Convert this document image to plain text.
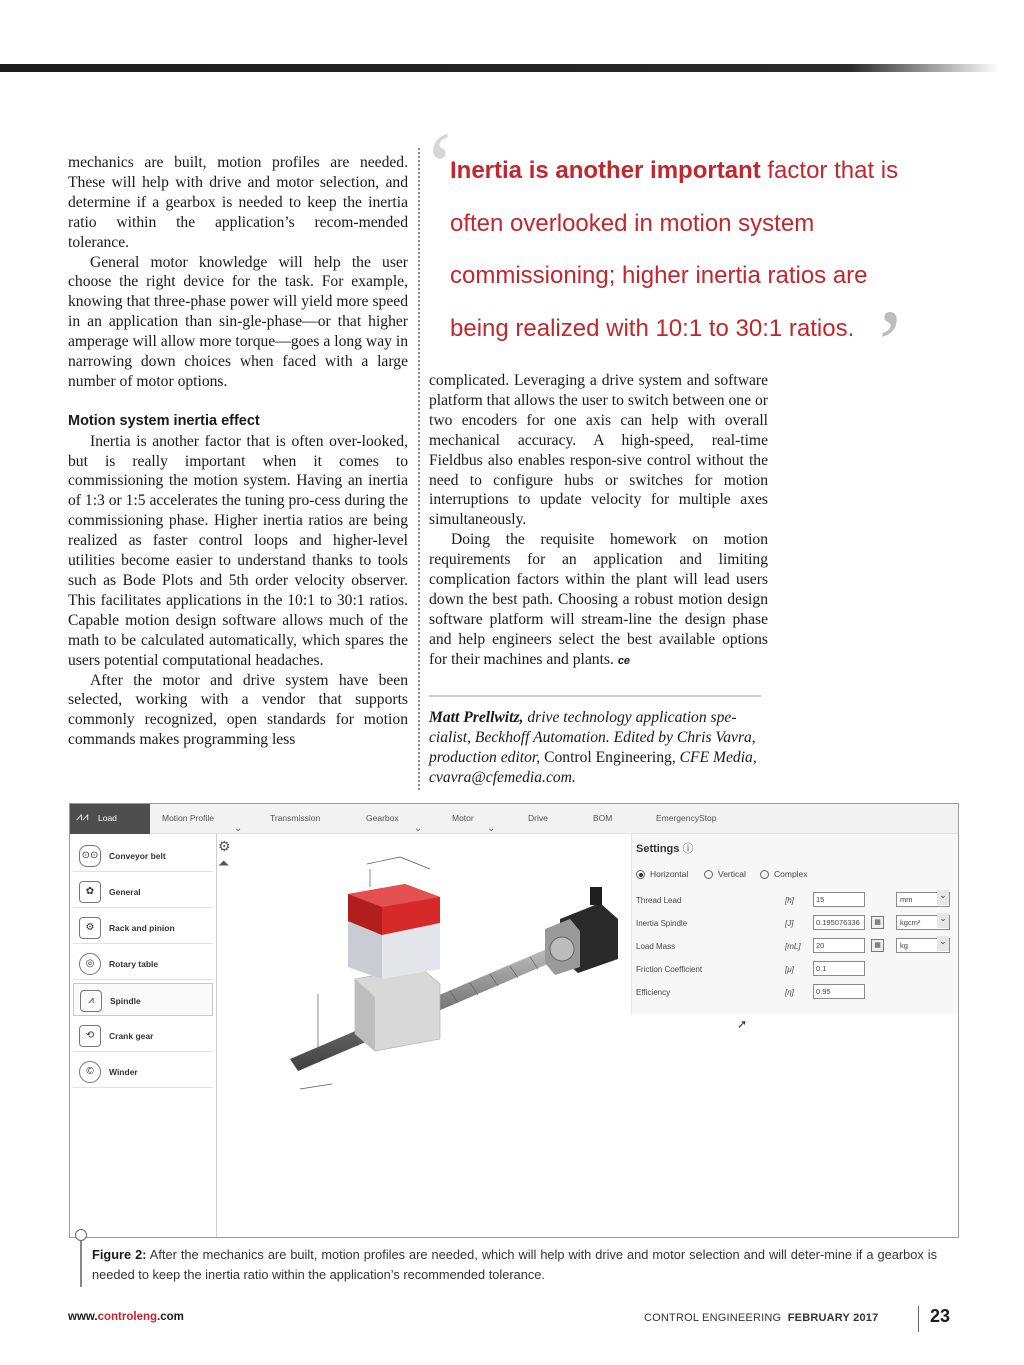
mechanics are built, motion profiles are needed. These will help with drive and motor selection, and determine if a gearbox is needed to keep the inertia ratio within the application’s recom-mended tolerance.

General motor knowledge will help the user choose the right device for the task. For example, knowing that three-phase power will yield more speed in an application than sin-gle-phase—or that higher amperage will allow more torque—goes a long way in narrowing down choices when faced with a large number of motor options.

Motion system inertia effect

Inertia is another factor that is often over-looked, but is really important when it comes to commissioning the motion system. Having an inertia of 1:3 or 1:5 accelerates the tuning pro-cess during the commissioning phase. Higher inertia ratios are being realized as faster control loops and higher-level utilities become easier to understand thanks to tools such as Bode Plots and 5th order velocity observer. This facilitates applications in the 10:1 to 30:1 ratios. Capable motion design software allows much of the math to be calculated automatically, which spares the users potential computational headaches.

After the motor and drive system have been selected, working with a vendor that supports commonly recognized, open standards for motion commands makes programming less

‘
Inertia is another important factor that is often overlooked in motion system commissioning; higher inertia ratios are being realized with 10:1 to 30:1 ratios. ’

complicated. Leveraging a drive system and software platform that allows the user to switch between one or two encoders for one axis can help with overall mechanical accuracy. A high-speed, real-time Fieldbus also enables respon-sive control without the need to configure hubs or switches for motion interruptions to update velocity for multiple axes simultaneously.

Doing the requisite homework on motion requirements for an application and limiting complication factors within the plant will lead users down the best path. Choosing a robust motion design software platform will stream-line the design phase and help engineers select the best available options for their machines and plants. ce

Matt Prellwitz, drive technology application spe-cialist, Beckhoff Automation. Edited by Chris Vavra, production editor, Control Engineering, CFE Media, cvavra@cfemedia.com.
⩘⩘ Load	Motion Profile	Transmission	Gearbox	Motor	Drive	BOM	EmergencyStop
⌄	⌄	⌄
⊙⊙	Conveyor belt
✿	General
⚙	Rack and pinion
◎	Rotary table
⩘	Spindle
⟲	Crank gear
©	Winder
⚙
⏶
Settings ⓘ
Horizontal	Vertical	Complex
Thread Lead	[h]	15	mm ⌄
Inertia Spindle	[J]	0.195076336	▦	kgcm² ⌄
Load Mass	[mL]	20	▦	kg ⌄
Friction Coefficient	[μ]	0.1
Efficiency	[η]	0.95
➚
Figure 2: After the mechanics are built, motion profiles are needed, which will help with drive and motor selection and will deter-mine if a gearbox is needed to keep the inertia ratio within the application’s recommended tolerance.
www.controleng.com	CONTROL ENGINEERING FEBRUARY 2017	23
